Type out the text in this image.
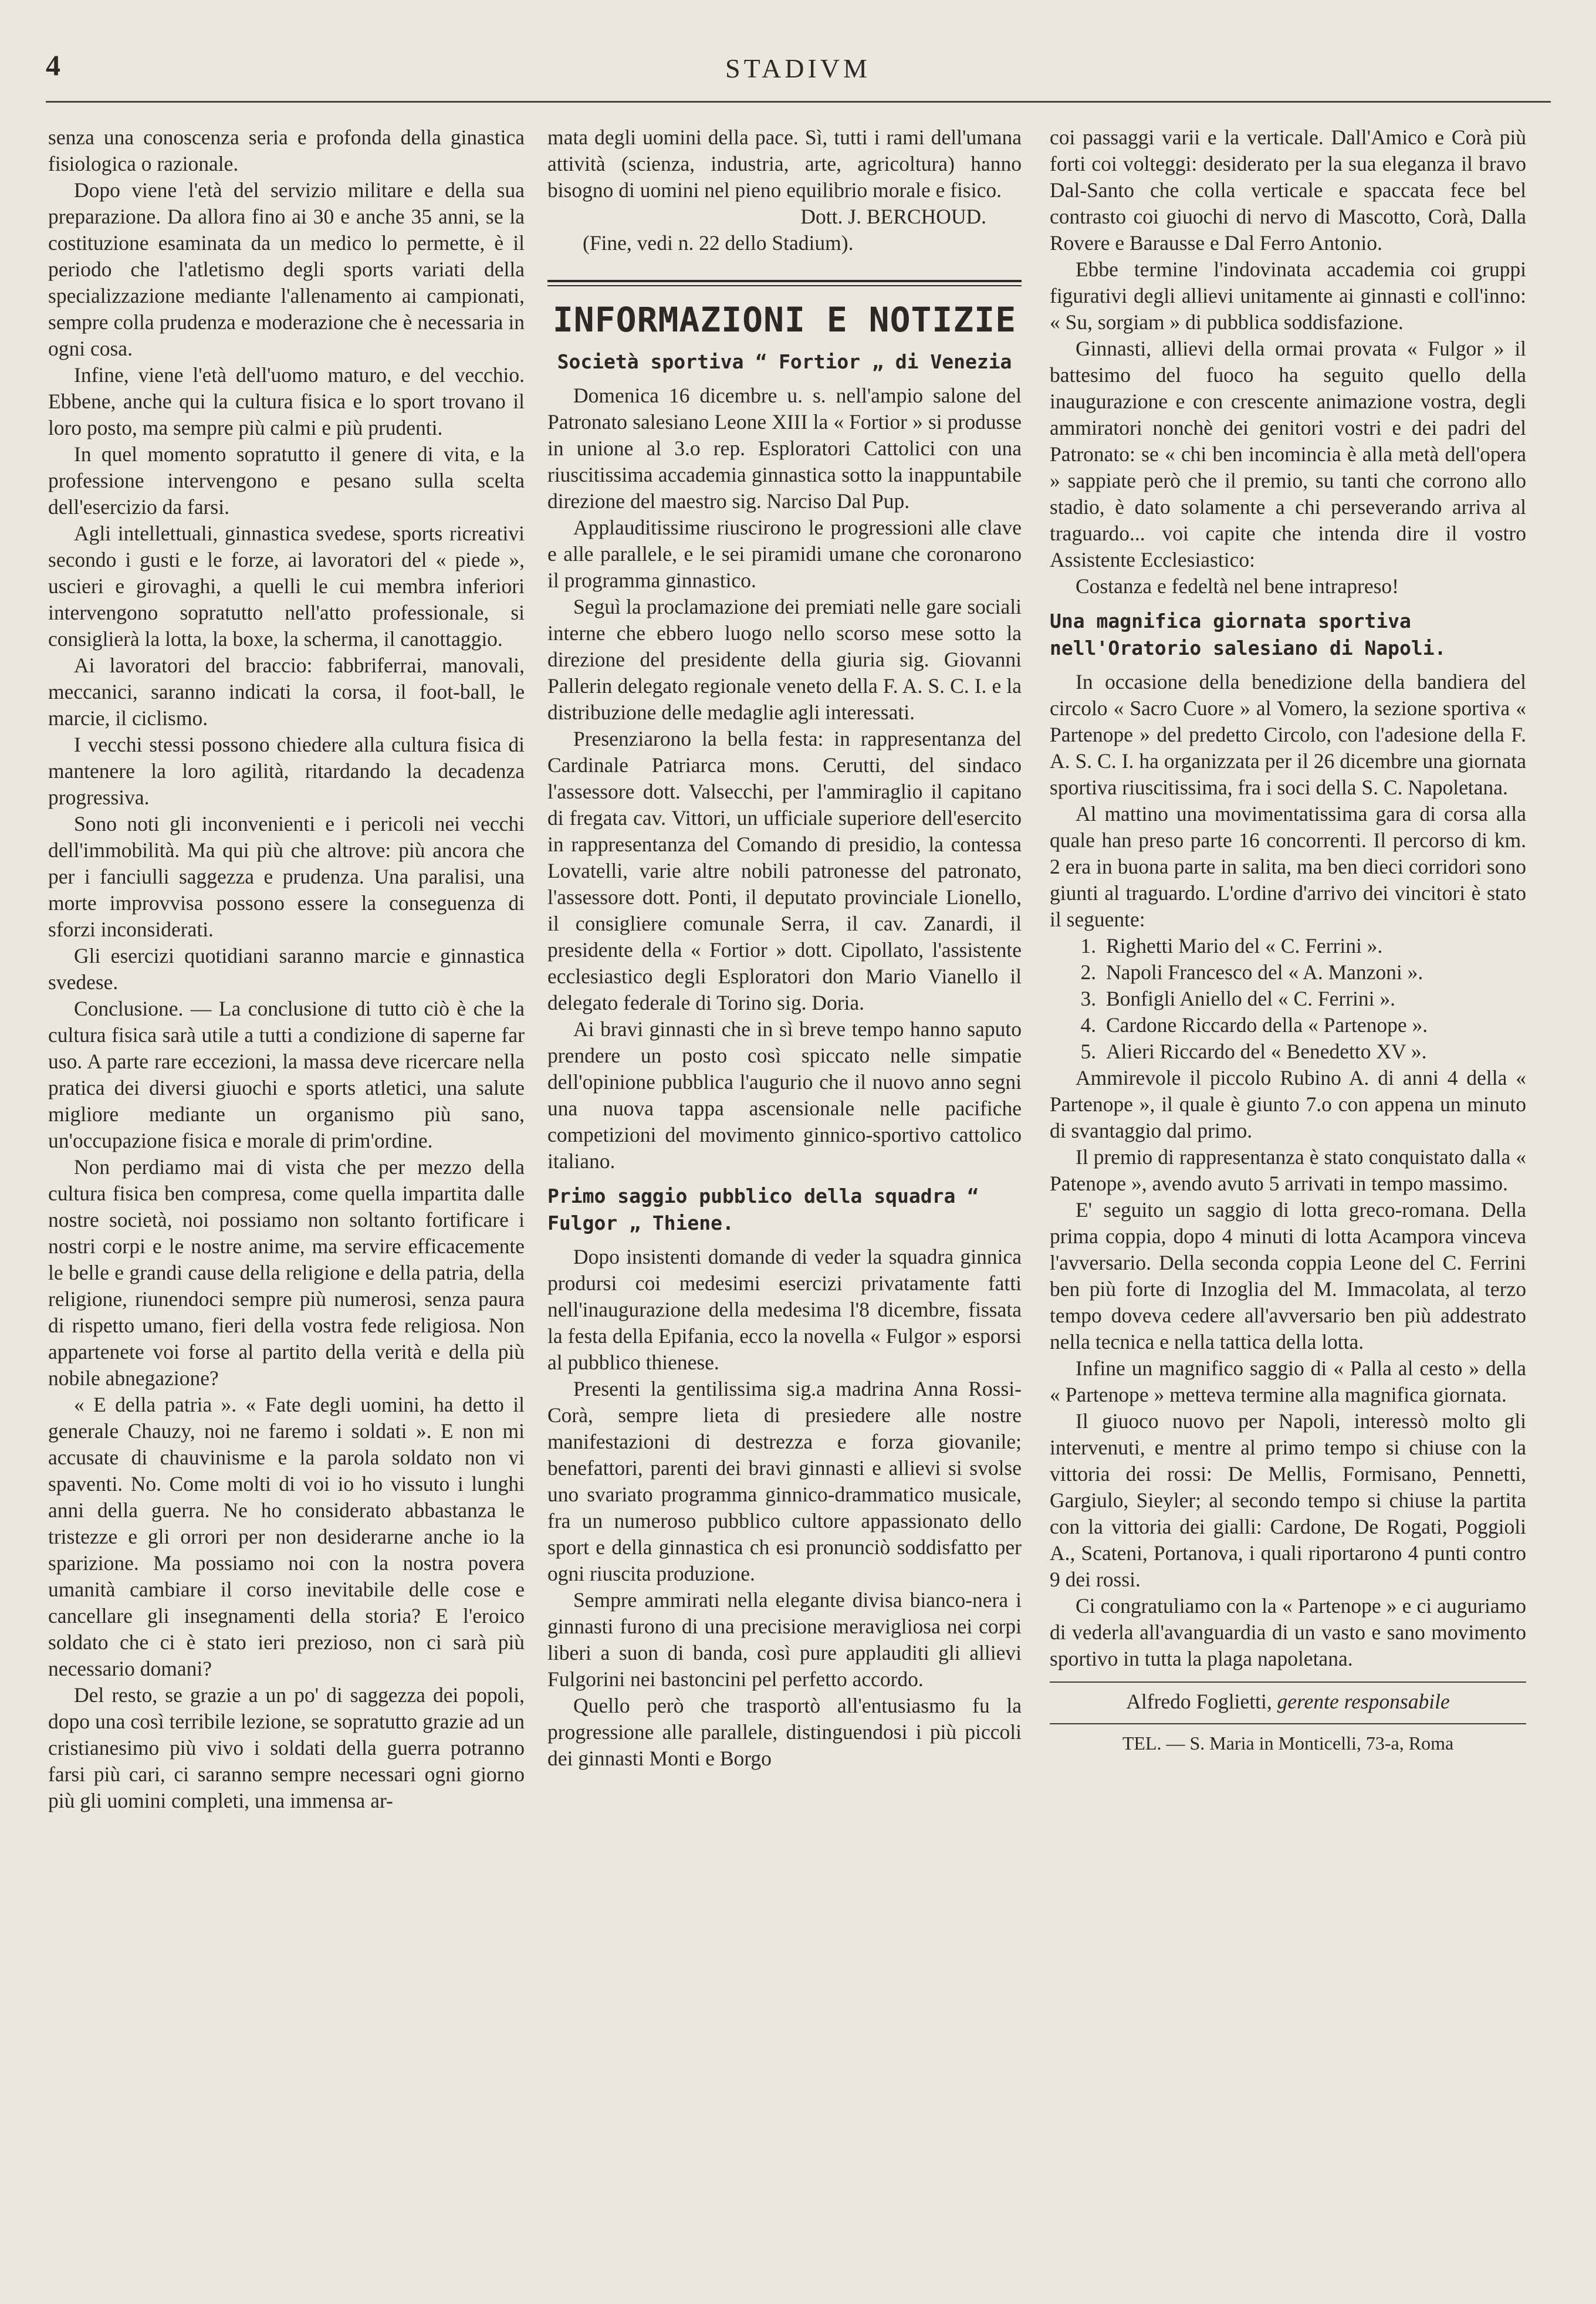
4	STADIVM

senza una conoscenza seria e profonda della ginastica fisiologica o razionale.

Dopo viene l'età del servizio militare e della sua preparazione. Da allora fino ai 30 e anche 35 anni, se la costituzione esaminata da un medico lo permette, è il periodo che l'atletismo degli sports variati della specializzazione mediante l'allenamento ai campionati, sempre colla prudenza e moderazione che è necessaria in ogni cosa.

Infine, viene l'età dell'uomo maturo, e del vecchio. Ebbene, anche qui la cultura fisica e lo sport trovano il loro posto, ma sempre più calmi e più prudenti.

In quel momento sopratutto il genere di vita, e la professione intervengono e pesano sulla scelta dell'esercizio da farsi.

Agli intellettuali, ginnastica svedese, sports ricreativi secondo i gusti e le forze, ai lavoratori del « piede », uscieri e girovaghi, a quelli le cui membra inferiori intervengono sopratutto nell'atto professionale, si consiglierà la lotta, la boxe, la scherma, il canottaggio.

Ai lavoratori del braccio: fabbriferrai, manovali, meccanici, saranno indicati la corsa, il foot-ball, le marcie, il ciclismo.

I vecchi stessi possono chiedere alla cultura fisica di mantenere la loro agilità, ritardando la decadenza progressiva.

Sono noti gli inconvenienti e i pericoli nei vecchi dell'immobilità. Ma qui più che altrove: più ancora che per i fanciulli saggezza e prudenza. Una paralisi, una morte improvvisa possono essere la conseguenza di sforzi inconsiderati.

Gli esercizi quotidiani saranno marcie e ginnastica svedese.

Conclusione. — La conclusione di tutto ciò è che la cultura fisica sarà utile a tutti a condizione di saperne far uso. A parte rare eccezioni, la massa deve ricercare nella pratica dei diversi giuochi e sports atletici, una salute migliore mediante un organismo più sano, un'occupazione fisica e morale di prim'ordine.

Non perdiamo mai di vista che per mezzo della cultura fisica ben compresa, come quella impartita dalle nostre società, noi possiamo non soltanto fortificare i nostri corpi e le nostre anime, ma servire efficacemente le belle e grandi cause della religione e della patria, della religione, riunendoci sempre più numerosi, senza paura di rispetto umano, fieri della vostra fede religiosa. Non appartenete voi forse al partito della verità e della più nobile abnegazione?

« E della patria ». « Fate degli uomini, ha detto il generale Chauzy, noi ne faremo i soldati ». E non mi accusate di chauvinisme e la parola soldato non vi spaventi. No. Come molti di voi io ho vissuto i lunghi anni della guerra. Ne ho considerato abbastanza le tristezze e gli orrori per non desiderarne anche io la sparizione. Ma possiamo noi con la nostra povera umanità cambiare il corso inevitabile delle cose e cancellare gli insegnamenti della storia? E l'eroico soldato che ci è stato ieri prezioso, non ci sarà più necessario domani?

Del resto, se grazie a un po' di saggezza dei popoli, dopo una così terribile lezione, se sopratutto grazie ad un cristianesimo più vivo i soldati della guerra potranno farsi più cari, ci saranno sempre necessari ogni giorno più gli uomini completi, una immensa ar-

mata degli uomini della pace. Sì, tutti i rami dell'umana attività (scienza, industria, arte, agricoltura) hanno bisogno di uomini nel pieno equilibrio morale e fisico.

Dott. J. BERCHOUD.

(Fine, vedi n. 22 dello Stadium).

INFORMAZIONI E NOTIZIE
Società sportiva “ Fortior „ di Venezia

Domenica 16 dicembre u. s. nell'ampio salone del Patronato salesiano Leone XIII la « Fortior » si produsse in unione al 3.o rep. Esploratori Cattolici con una riuscitissima accademia ginnastica sotto la inappuntabile direzione del maestro sig. Narciso Dal Pup.

Applauditissime riuscirono le progressioni alle clave e alle parallele, e le sei piramidi umane che coronarono il programma ginnastico.

Seguì la proclamazione dei premiati nelle gare sociali interne che ebbero luogo nello scorso mese sotto la direzione del presidente della giuria sig. Giovanni Pallerin delegato regionale veneto della F. A. S. C. I. e la distribuzione delle medaglie agli interessati.

Presenziarono la bella festa: in rappresentanza del Cardinale Patriarca mons. Cerutti, del sindaco l'assessore dott. Valsecchi, per l'ammiraglio il capitano di fregata cav. Vittori, un ufficiale superiore dell'esercito in rappresentanza del Comando di presidio, la contessa Lovatelli, varie altre nobili patronesse del patronato, l'assessore dott. Ponti, il deputato provinciale Lionello, il consigliere comunale Serra, il cav. Zanardi, il presidente della « Fortior » dott. Cipollato, l'assistente ecclesiastico degli Esploratori don Mario Vianello il delegato federale di Torino sig. Doria.

Ai bravi ginnasti che in sì breve tempo hanno saputo prendere un posto così spiccato nelle simpatie dell'opinione pubblica l'augurio che il nuovo anno segni una nuova tappa ascensionale nelle pacifiche competizioni del movimento ginnico-sportivo cattolico italiano.

Primo saggio pubblico della squadra “ Fulgor „ Thiene.

Dopo insistenti domande di veder la squadra ginnica prodursi coi medesimi esercizi privatamente fatti nell'inaugurazione della medesima l'8 dicembre, fissata la festa della Epifania, ecco la novella « Fulgor » esporsi al pubblico thienese.

Presenti la gentilissima sig.a madrina Anna Rossi-Corà, sempre lieta di presiedere alle nostre manifestazioni di destrezza e forza giovanile; benefattori, parenti dei bravi ginnasti e allievi si svolse uno svariato programma ginnico-drammatico musicale, fra un numeroso pubblico cultore appassionato dello sport e della ginnastica ch esi pronunciò soddisfatto per ogni riuscita produzione.

Sempre ammirati nella elegante divisa bianco-nera i ginnasti furono di una precisione meravigliosa nei corpi liberi a suon di banda, così pure applauditi gli allievi Fulgorini nei bastoncini pel perfetto accordo.

Quello però che trasportò all'entusiasmo fu la progressione alle parallele, distinguendosi i più piccoli dei ginnasti Monti e Borgo

coi passaggi varii e la verticale. Dall'Amico e Corà più forti coi volteggi: desiderato per la sua eleganza il bravo Dal-Santo che colla verticale e spaccata fece bel contrasto coi giuochi di nervo di Mascotto, Corà, Dalla Rovere e Barausse e Dal Ferro Antonio.

Ebbe termine l'indovinata accademia coi gruppi figurativi degli allievi unitamente ai ginnasti e coll'inno: « Su, sorgiam » di pubblica soddisfazione.

Ginnasti, allievi della ormai provata « Fulgor » il battesimo del fuoco ha seguito quello della inaugurazione e con crescente animazione vostra, degli ammiratori nonchè dei genitori vostri e dei padri del Patronato: se « chi ben incomincia è alla metà dell'opera » sappiate però che il premio, su tanti che corrono allo stadio, è dato solamente a chi perseverando arriva al traguardo... voi capite che intenda dire il vostro Assistente Ecclesiastico:

Costanza e fedeltà nel bene intrapreso!

Una magnifica giornata sportiva nell'Oratorio salesiano di Napoli.

In occasione della benedizione della bandiera del circolo « Sacro Cuore » al Vomero, la sezione sportiva « Partenope » del predetto Circolo, con l'adesione della F. A. S. C. I. ha organizzata per il 26 dicembre una giornata sportiva riuscitissima, fra i soci della S. C. Napoletana.

Al mattino una movimentatissima gara di corsa alla quale han preso parte 16 concorrenti. Il percorso di km. 2 era in buona parte in salita, ma ben dieci corridori sono giunti al traguardo. L'ordine d'arrivo dei vincitori è stato il seguente:

1. Righetti Mario del « C. Ferrini ».
2. Napoli Francesco del « A. Manzoni ».
3. Bonfigli Aniello del « C. Ferrini ».
4. Cardone Riccardo della « Partenope ».
5. Alieri Riccardo del « Benedetto XV ».

Ammirevole il piccolo Rubino A. di anni 4 della « Partenope », il quale è giunto 7.o con appena un minuto di svantaggio dal primo.

Il premio di rappresentanza è stato conquistato dalla « Patenope », avendo avuto 5 arrivati in tempo massimo.

E' seguito un saggio di lotta greco-romana. Della prima coppia, dopo 4 minuti di lotta Acampora vinceva l'avversario. Della seconda coppia Leone del C. Ferrini ben più forte di Inzoglia del M. Immacolata, al terzo tempo doveva cedere all'avversario ben più addestrato nella tecnica e nella tattica della lotta.

Infine un magnifico saggio di « Palla al cesto » della « Partenope » metteva termine alla magnifica giornata.

Il giuoco nuovo per Napoli, interessò molto gli intervenuti, e mentre al primo tempo si chiuse con la vittoria dei rossi: De Mellis, Formisano, Pennetti, Gargiulo, Sieyler; al secondo tempo si chiuse la partita con la vittoria dei gialli: Cardone, De Rogati, Poggioli A., Scateni, Portanova, i quali riportarono 4 punti contro 9 dei rossi.

Ci congratuliamo con la « Partenope » e ci auguriamo di vederla all'avanguardia di un vasto e sano movimento sportivo in tutta la plaga napoletana.

Alfredo Foglietti, gerente responsabile
TEL. — S. Maria in Monticelli, 73-a, Roma
